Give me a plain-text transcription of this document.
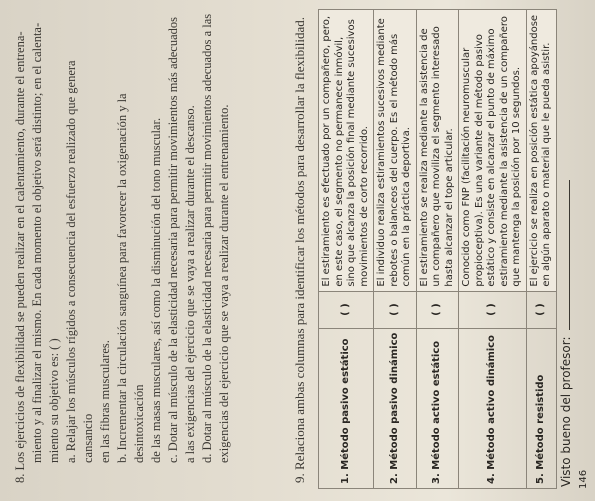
8. Los ejercicios de flexibilidad se pueden realizar en el calentamiento, durante el entrena- miento y al finalizar el mismo. En cada momento el objetivo será distinto; en el calenta- miento su objetivo es: ( ) a. Relajar los músculos rígidos a consecuencia del esfuerzo realizado que genera cansancio en las fibras musculares. b. Incrementar la circulación sanguínea para favorecer la oxigenación y la desintoxicación de las masas musculares, así como la disminución del tono muscular. c. Dotar al músculo de la elasticidad necesaria para permitir movimientos más adecuados a las exigencias del ejercicio que se vaya a realizar durante el descanso. d. Dotar al músculo de la elasticidad necesaria para permitir movimientos adecuados a las exigencias del ejercicio que se vaya a realizar durante el entrenamiento.	9. Relaciona ambas columnas para identificar los métodos para desarrollar la flexibilidad.	1. Método pasivo estático	( )	El estiramiento es efectuado por un compañero, pero, en este caso, el segmento no permanece inmóvil, sino que alcanza la posición final mediante sucesivos movimientos de corto recorrido.
2. Método pasivo dinámico	( )	El individuo realiza estiramientos sucesivos mediante rebotes o balanceos del cuerpo. Es el método más común en la práctica deportiva.
3. Método activo estático	( )	El estiramiento se realiza mediante la asistencia de un compañero que moviliza el segmento interesado hasta alcanzar el tope articular.
4. Método activo dinámico	( )	Conocido como FNP (facilitación neuromuscular propioceptiva). Es una variante del método pasivo estático y consiste en alcanzar el punto de máximo estiramiento mediante la asistencia de un compañero que mantenga la posición por 10 segundos.
5. Método resistido	( )	El ejercicio se realiza en posición estática apoyándose en algún aparato o material que le pueda asistir.
Visto bueno del profesor: 146
